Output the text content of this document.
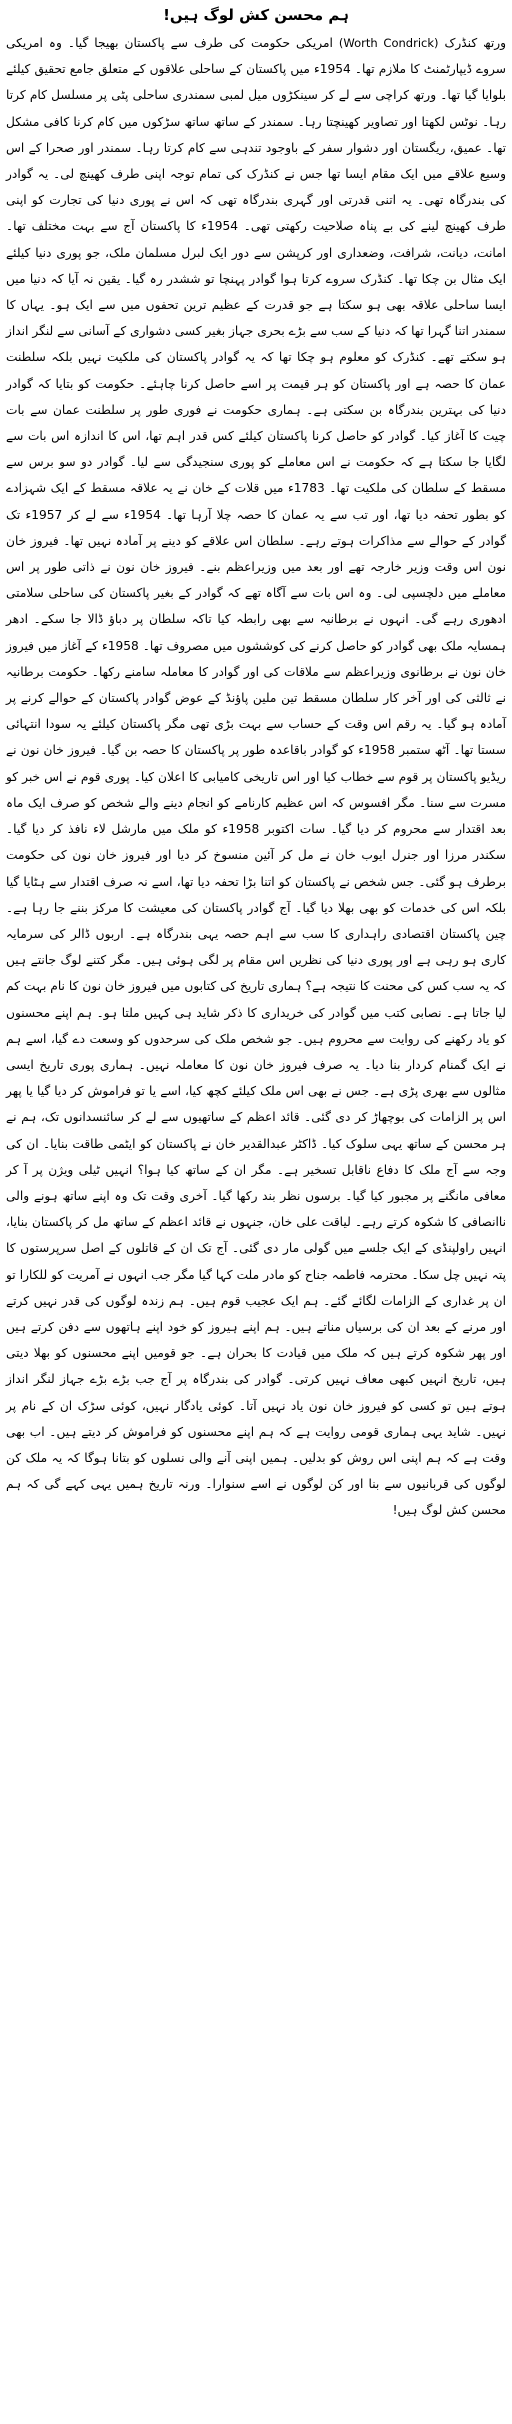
ہم محسن کش لوگ ہیں!

ورتھ کنڈرک (Worth Condrick) امریکی حکومت کی طرف سے پاکستان بھیجا گیا۔ وہ امریکی سروے ڈیپارٹمنٹ کا ملازم تھا۔ 1954ء میں پاکستان کے ساحلی علاقوں کے متعلق جامع تحقیق کیلئے بلوایا گیا تھا۔ ورتھ کراچی سے لے کر سینکڑوں میل لمبی سمندری ساحلی پٹی پر مسلسل کام کرتا رہا۔ نوٹس لکھتا اور تصاویر کھینچتا رہا۔ سمندر کے ساتھ ساتھ سڑکوں میں کام کرنا کافی مشکل تھا۔ عمیق، ریگستان اور دشوار سفر کے باوجود تندہی سے کام کرتا رہا۔ سمندر اور صحرا کے اس وسیع علاقے میں ایک مقام ایسا تھا جس نے کنڈرک کی تمام توجہ اپنی طرف کھینچ لی۔ یہ گوادر کی بندرگاہ تھی۔ یہ اتنی قدرتی اور گہری بندرگاہ تھی کہ اس نے پوری دنیا کی تجارت کو اپنی طرف کھینچ لینے کی بے پناہ صلاحیت رکھتی تھی۔ 1954ء کا پاکستان آج سے بہت مختلف تھا۔ امانت، دیانت، شرافت، وضعداری اور کرپشن سے دور ایک لبرل مسلمان ملک، جو پوری دنیا کیلئے ایک مثال بن چکا تھا۔ کنڈرک سروے کرتا ہوا گوادر پہنچا تو ششدر رہ گیا۔ یقین نہ آیا کہ دنیا میں ایسا ساحلی علاقہ بھی ہو سکتا ہے جو قدرت کے عظیم ترین تحفوں میں سے ایک ہو۔ یہاں کا سمندر اتنا گہرا تھا کہ دنیا کے سب سے بڑے بحری جہاز بغیر کسی دشواری کے آسانی سے لنگر انداز ہو سکتے تھے۔ کنڈرک کو معلوم ہو چکا تھا کہ یہ گوادر پاکستان کی ملکیت نہیں بلکہ سلطنت عمان کا حصہ ہے اور پاکستان کو ہر قیمت پر اسے حاصل کرنا چاہئے۔ حکومت کو بتایا کہ گوادر دنیا کی بہترین بندرگاہ بن سکتی ہے۔ ہماری حکومت نے فوری طور پر سلطنت عمان سے بات چیت کا آغاز کیا۔ گوادر کو حاصل کرنا پاکستان کیلئے کس قدر اہم تھا، اس کا اندازہ اس بات سے لگایا جا سکتا ہے کہ حکومت نے اس معاملے کو پوری سنجیدگی سے لیا۔ گوادر دو سو برس سے مسقط کے سلطان کی ملکیت تھا۔ 1783ء میں قلات کے خان نے یہ علاقہ مسقط کے ایک شہزادے کو بطور تحفہ دیا تھا، اور تب سے یہ عمان کا حصہ چلا آرہا تھا۔ 1954ء سے لے کر 1957ء تک گوادر کے حوالے سے مذاکرات ہوتے رہے۔ سلطان اس علاقے کو دینے پر آمادہ نہیں تھا۔ فیروز خان نون اس وقت وزیر خارجہ تھے اور بعد میں وزیراعظم بنے۔ فیروز خان نون نے ذاتی طور پر اس معاملے میں دلچسپی لی۔ وہ اس بات سے آگاہ تھے کہ گوادر کے بغیر پاکستان کی ساحلی سلامتی ادھوری رہے گی۔ انہوں نے برطانیہ سے بھی رابطہ کیا تاکہ سلطان پر دباؤ ڈالا جا سکے۔ ادھر ہمسایہ ملک بھی گوادر کو حاصل کرنے کی کوششوں میں مصروف تھا۔ 1958ء کے آغاز میں فیروز خان نون نے برطانوی وزیراعظم سے ملاقات کی اور گوادر کا معاملہ سامنے رکھا۔ حکومت برطانیہ نے ثالثی کی اور آخر کار سلطان مسقط تین ملین پاؤنڈ کے عوض گوادر پاکستان کے حوالے کرنے پر آمادہ ہو گیا۔ یہ رقم اس وقت کے حساب سے بہت بڑی تھی مگر پاکستان کیلئے یہ سودا انتہائی سستا تھا۔ آٹھ ستمبر 1958ء کو گوادر باقاعدہ طور پر پاکستان کا حصہ بن گیا۔ فیروز خان نون نے ریڈیو پاکستان پر قوم سے خطاب کیا اور اس تاریخی کامیابی کا اعلان کیا۔ پوری قوم نے اس خبر کو مسرت سے سنا۔ مگر افسوس کہ اس عظیم کارنامے کو انجام دینے والے شخص کو صرف ایک ماہ بعد اقتدار سے محروم کر دیا گیا۔ سات اکتوبر 1958ء کو ملک میں مارشل لاء نافذ کر دیا گیا۔ سکندر مرزا اور جنرل ایوب خان نے مل کر آئین منسوخ کر دیا اور فیروز خان نون کی حکومت برطرف ہو گئی۔ جس شخص نے پاکستان کو اتنا بڑا تحفہ دیا تھا، اسے نہ صرف اقتدار سے ہٹایا گیا بلکہ اس کی خدمات کو بھی بھلا دیا گیا۔ آج گوادر پاکستان کی معیشت کا مرکز بننے جا رہا ہے۔ چین پاکستان اقتصادی راہداری کا سب سے اہم حصہ یہی بندرگاہ ہے۔ اربوں ڈالر کی سرمایہ کاری ہو رہی ہے اور پوری دنیا کی نظریں اس مقام پر لگی ہوئی ہیں۔ مگر کتنے لوگ جانتے ہیں کہ یہ سب کس کی محنت کا نتیجہ ہے؟ ہماری تاریخ کی کتابوں میں فیروز خان نون کا نام بہت کم لیا جاتا ہے۔ نصابی کتب میں گوادر کی خریداری کا ذکر شاید ہی کہیں ملتا ہو۔ ہم اپنے محسنوں کو یاد رکھنے کی روایت سے محروم ہیں۔ جو شخص ملک کی سرحدوں کو وسعت دے گیا، اسے ہم نے ایک گمنام کردار بنا دیا۔ یہ صرف فیروز خان نون کا معاملہ نہیں۔ ہماری پوری تاریخ ایسی مثالوں سے بھری پڑی ہے۔ جس نے بھی اس ملک کیلئے کچھ کیا، اسے یا تو فراموش کر دیا گیا یا پھر اس پر الزامات کی بوچھاڑ کر دی گئی۔ قائد اعظم کے ساتھیوں سے لے کر سائنسدانوں تک، ہم نے ہر محسن کے ساتھ یہی سلوک کیا۔ ڈاکٹر عبدالقدیر خان نے پاکستان کو ایٹمی طاقت بنایا۔ ان کی وجہ سے آج ملک کا دفاع ناقابل تسخیر ہے۔ مگر ان کے ساتھ کیا ہوا؟ انہیں ٹیلی ویژن پر آ کر معافی مانگنے پر مجبور کیا گیا۔ برسوں نظر بند رکھا گیا۔ آخری وقت تک وہ اپنے ساتھ ہونے والی ناانصافی کا شکوہ کرتے رہے۔ لیاقت علی خان، جنہوں نے قائد اعظم کے ساتھ مل کر پاکستان بنایا، انہیں راولپنڈی کے ایک جلسے میں گولی مار دی گئی۔ آج تک ان کے قاتلوں کے اصل سرپرستوں کا پتہ نہیں چل سکا۔ محترمہ فاطمہ جناح کو مادر ملت کہا گیا مگر جب انہوں نے آمریت کو للکارا تو ان پر غداری کے الزامات لگائے گئے۔ ہم ایک عجیب قوم ہیں۔ ہم زندہ لوگوں کی قدر نہیں کرتے اور مرنے کے بعد ان کی برسیاں مناتے ہیں۔ ہم اپنے ہیروز کو خود اپنے ہاتھوں سے دفن کرتے ہیں اور پھر شکوہ کرتے ہیں کہ ملک میں قیادت کا بحران ہے۔ جو قومیں اپنے محسنوں کو بھلا دیتی ہیں، تاریخ انہیں کبھی معاف نہیں کرتی۔ گوادر کی بندرگاہ پر آج جب بڑے بڑے جہاز لنگر انداز ہوتے ہیں تو کسی کو فیروز خان نون یاد نہیں آتا۔ کوئی یادگار نہیں، کوئی سڑک ان کے نام پر نہیں۔ شاید یہی ہماری قومی روایت ہے کہ ہم اپنے محسنوں کو فراموش کر دیتے ہیں۔ اب بھی وقت ہے کہ ہم اپنی اس روش کو بدلیں۔ ہمیں اپنی آنے والی نسلوں کو بتانا ہوگا کہ یہ ملک کن لوگوں کی قربانیوں سے بنا اور کن لوگوں نے اسے سنوارا۔ ورنہ تاریخ ہمیں یہی کہے گی کہ ہم محسن کش لوگ ہیں!
